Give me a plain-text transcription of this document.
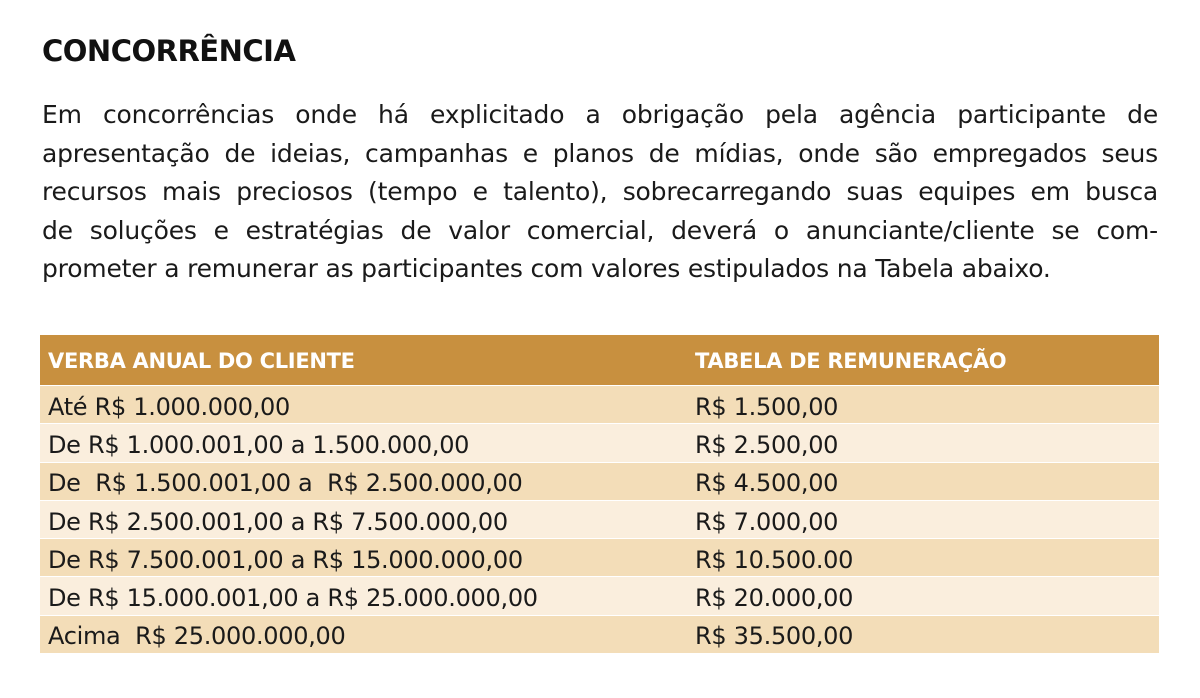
CONCORRÊNCIA

Em concorrências onde há explicitado a obrigação pela agência participante de
apresentação de ideias, campanhas e planos de mídias, onde são empregados seus
recursos mais preciosos (tempo e talento), sobrecarregando suas equipes em busca
de soluções e estratégias de valor comercial, deverá o anunciante/cliente se com-
prometer a remunerar as participantes com valores estipulados na Tabela abaixo.

VERBA ANUAL DO CLIENTE	TABELA DE REMUNERAÇÃO
Até R$ 1.000.000,00	R$ 1.500,00
De R$ 1.000.001,00 a 1.500.000,00	R$ 2.500,00
De  R$ 1.500.001,00 a  R$ 2.500.000,00	R$ 4.500,00
De R$ 2.500.001,00 a R$ 7.500.000,00	R$ 7.000,00
De R$ 7.500.001,00 a R$ 15.000.000,00	R$ 10.500.00
De R$ 15.000.001,00 a R$ 25.000.000,00	R$ 20.000,00
Acima  R$ 25.000.000,00	R$ 35.500,00
